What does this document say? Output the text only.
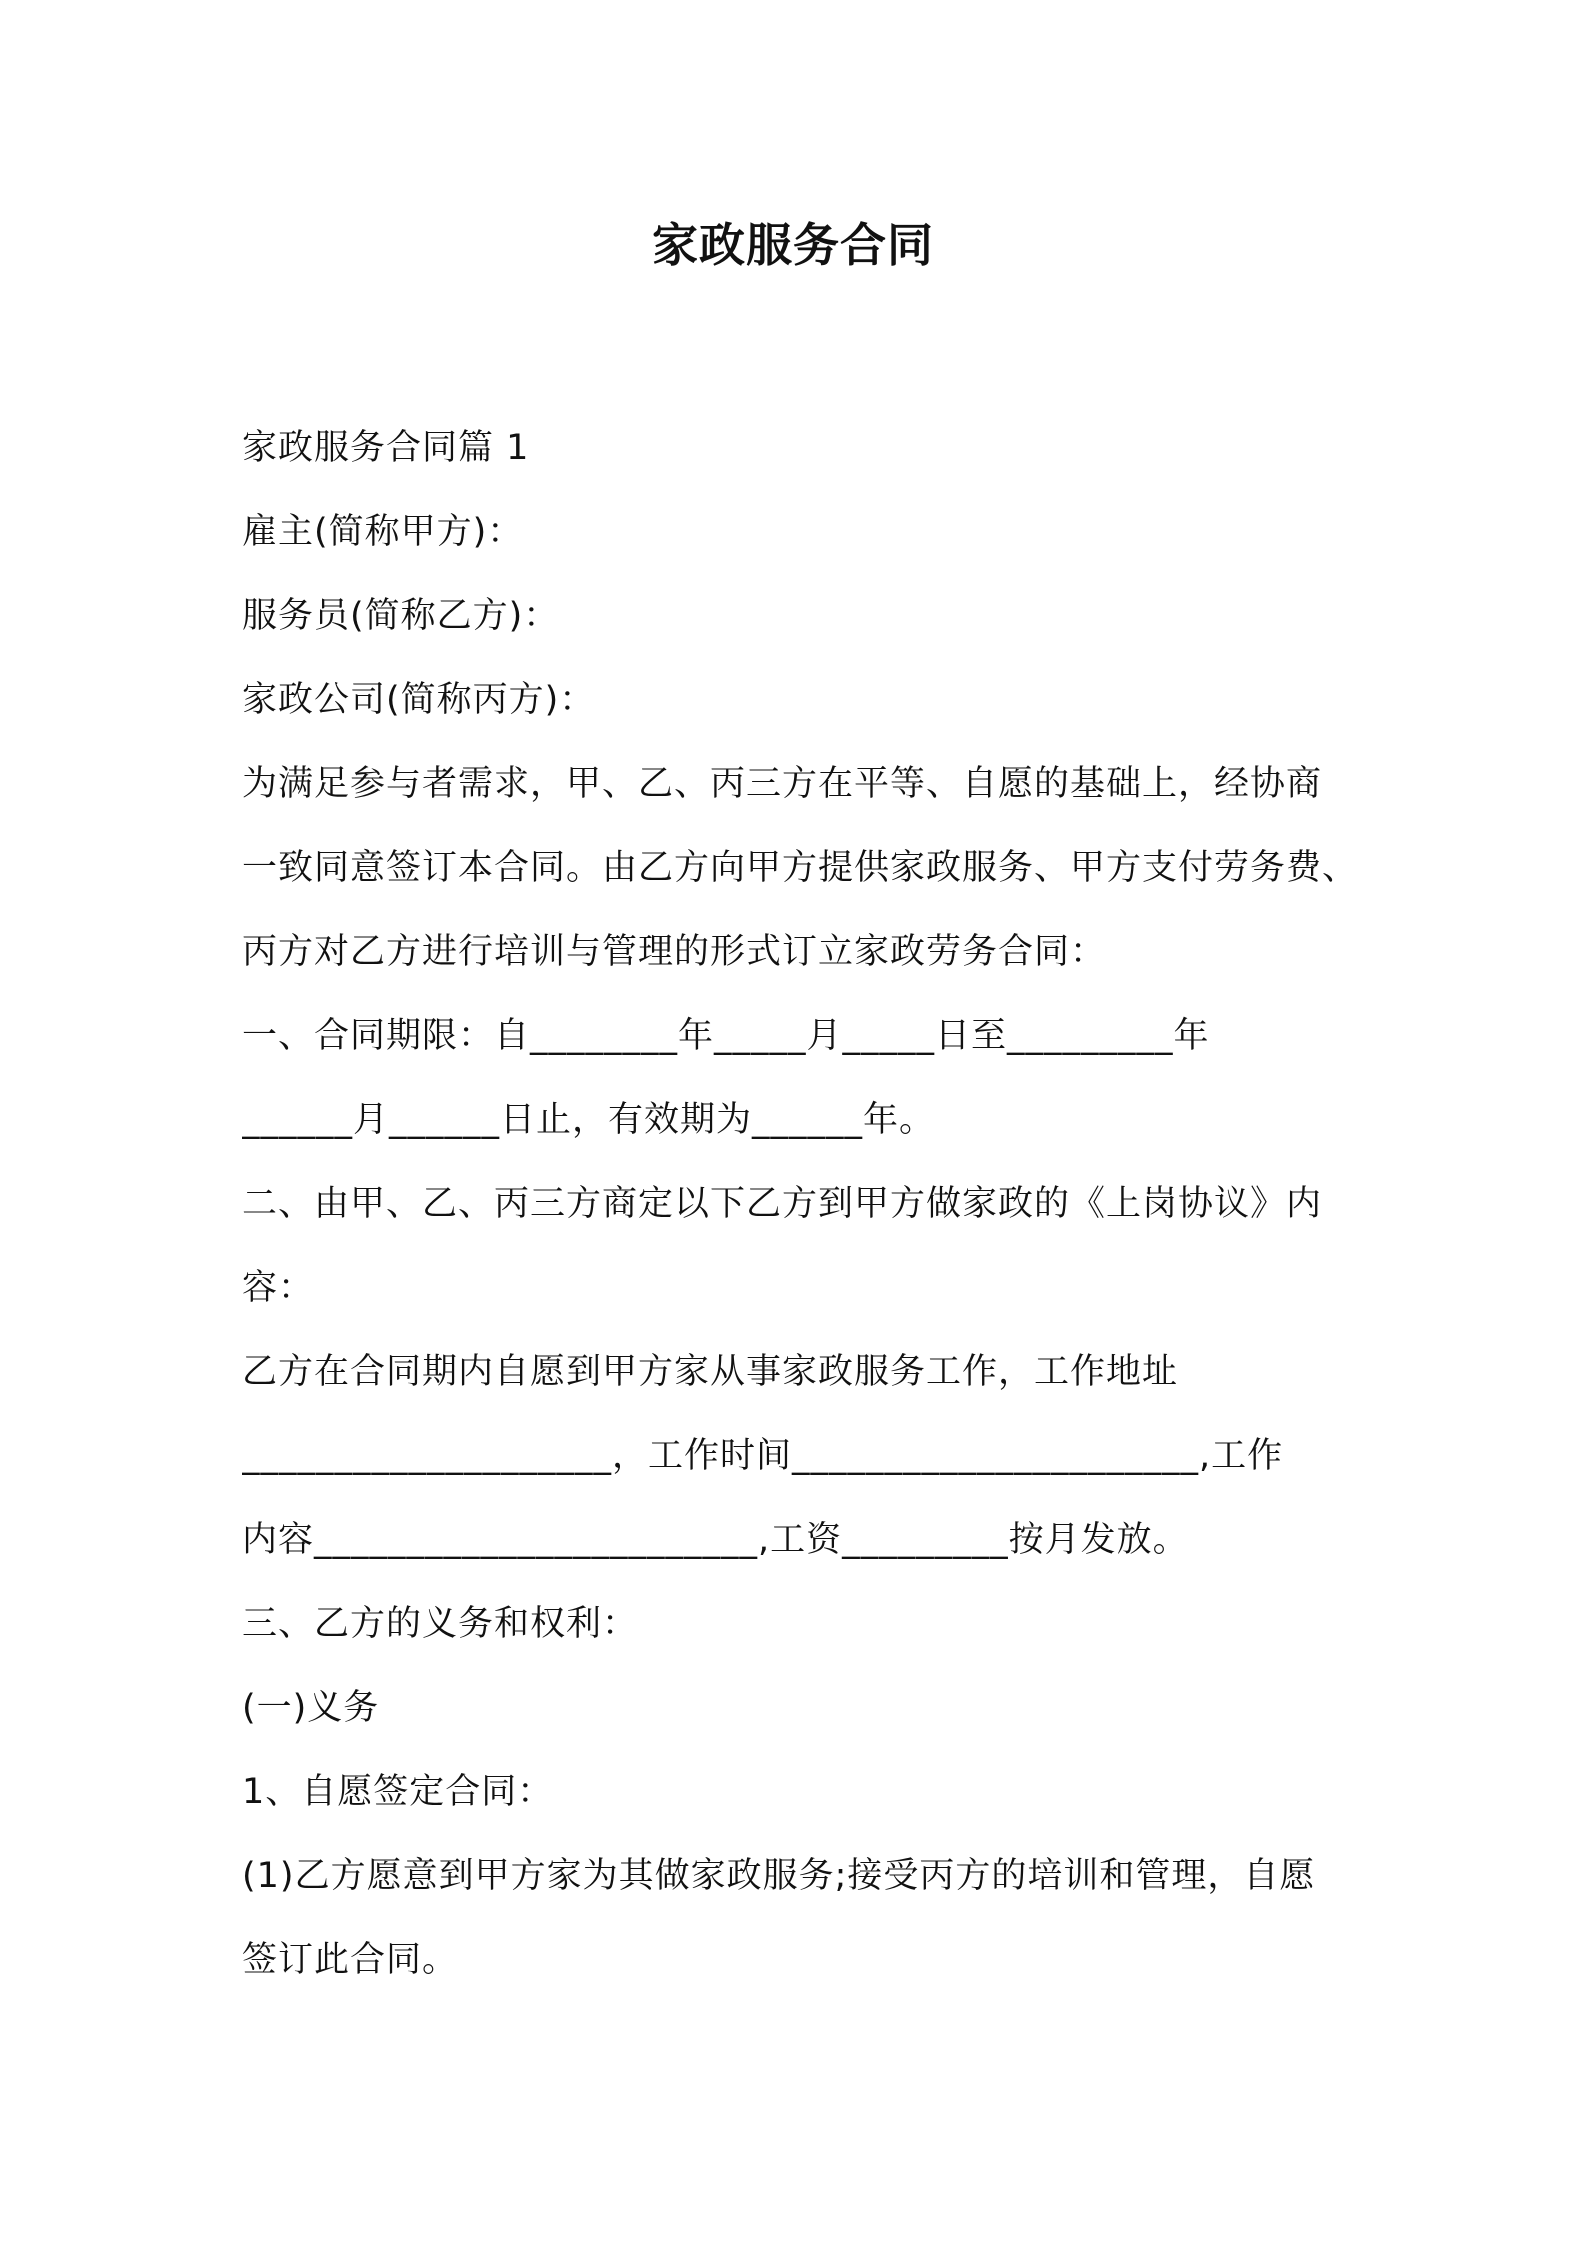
家政服务合同
家政服务合同篇 1
雇主(简称甲方)：
服务员(简称乙方)：
家政公司(简称丙方)：
为满足参与者需求，甲、乙、丙三方在平等、自愿的基础上，经协商
一致同意签订本合同。由乙方向甲方提供家政服务、甲方支付劳务费、
丙方对乙方进行培训与管理的形式订立家政劳务合同：
一、合同期限：自________年_____月_____日至_________年
______月______日止，有效期为______年。
二、由甲、乙、丙三方商定以下乙方到甲方做家政的《上岗协议》内
容：
乙方在合同期内自愿到甲方家从事家政服务工作，工作地址
____________________，工作时间______________________,工作
内容________________________,工资_________按月发放。
三、乙方的义务和权利：
(一)义务
1、自愿签定合同：
(1)乙方愿意到甲方家为其做家政服务;接受丙方的培训和管理，自愿
签订此合同。
